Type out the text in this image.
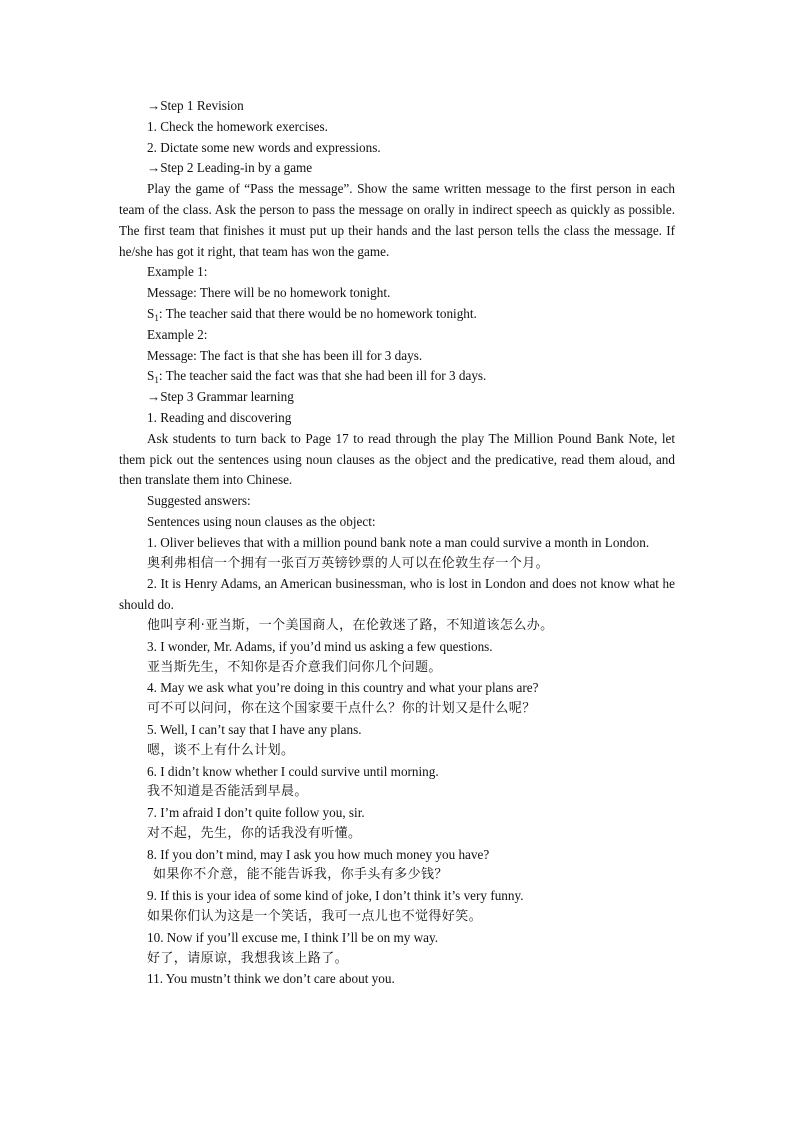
→Step 1 Revision

1. Check the homework exercises.

2. Dictate some new words and expressions.

→Step 2 Leading-in by a game

Play the game of “Pass the message”. Show the same written message to the first person in each team of the class. Ask the person to pass the message on orally in indirect speech as quickly as possible. The first team that finishes it must put up their hands and the last person tells the class the message. If he/she has got it right, that team has won the game.

Example 1:

Message: There will be no homework tonight.

$S_1$: The teacher said that there would be no homework tonight.

Example 2:

Message: The fact is that she has been ill for 3 days.

$S_1$: The teacher said the fact was that she had been ill for 3 days.

→Step 3 Grammar learning

1. Reading and discovering

Ask students to turn back to Page 17 to read through the play The Million Pound Bank Note, let them pick out the sentences using noun clauses as the object and the predicative, read them aloud, and then translate them into Chinese.

Suggested answers:

Sentences using noun clauses as the object:

1. Oliver believes that with a million pound bank note a man could survive a month in London.

奥利弗相信一个拥有一张百万英镑钞票的人可以在伦敦生存一个月。

2. It is Henry Adams, an American businessman, who is lost in London and does not know what he should do.

他叫亨利·亚当斯，一个美国商人，在伦敦迷了路，不知道该怎么办。

3. I wonder, Mr. Adams, if you’d mind us asking a few questions.

亚当斯先生，不知你是否介意我们问你几个问题。

4. May we ask what you’re doing in this country and what your plans are?

可不可以问问，你在这个国家要干点什么？你的计划又是什么呢？

5. Well, I can’t say that I have any plans.

嗯，谈不上有什么计划。

6. I didn’t know whether I could survive until morning.

我不知道是否能活到早晨。

7. I’m afraid I don’t quite follow you, sir.

对不起，先生，你的话我没有听懂。

8. If you don’t mind, may I ask you how much money you have?

如果你不介意，能不能告诉我，你手头有多少钱？

9. If this is your idea of some kind of joke, I don’t think it’s very funny.

如果你们认为这是一个笑话，我可一点儿也不觉得好笑。

10. Now if you’ll excuse me, I think I’ll be on my way.

好了，请原谅，我想我该上路了。

11. You mustn’t think we don’t care about you.
